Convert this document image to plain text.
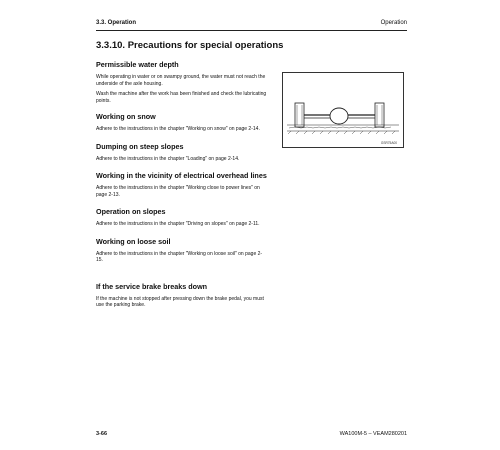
3.3. Operation	Operation
3.3.10. Precautions for special operations
Permissible water depth

While operating in water or on swampy ground, the water must not reach the underside of the axle housing.

Wash the machine after the work has been finished and check the lubricating points.

Working on snow

Adhere to the instructions in the chapter "Working on snow" on page 2-14.

Dumping on steep slopes

Adhere to the instructions in the chapter "Loading" on page 2-14.

Working in the vicinity of electrical overhead lines

Adhere to the instructions in the chapter "Working close to power lines" on page 2-13.

Operation on slopes

Adhere to the instructions in the chapter "Driving on slopes" on page 2-11.

Working on loose soil

Adhere to the instructions in the chapter "Working on loose soil" on page 2-15.

If the service brake breaks down

If the machine is not stopped after pressing down the brake pedal, you must use the parking brake.

GSR75A00
3-66	WA100M-5 – VEAM280201
